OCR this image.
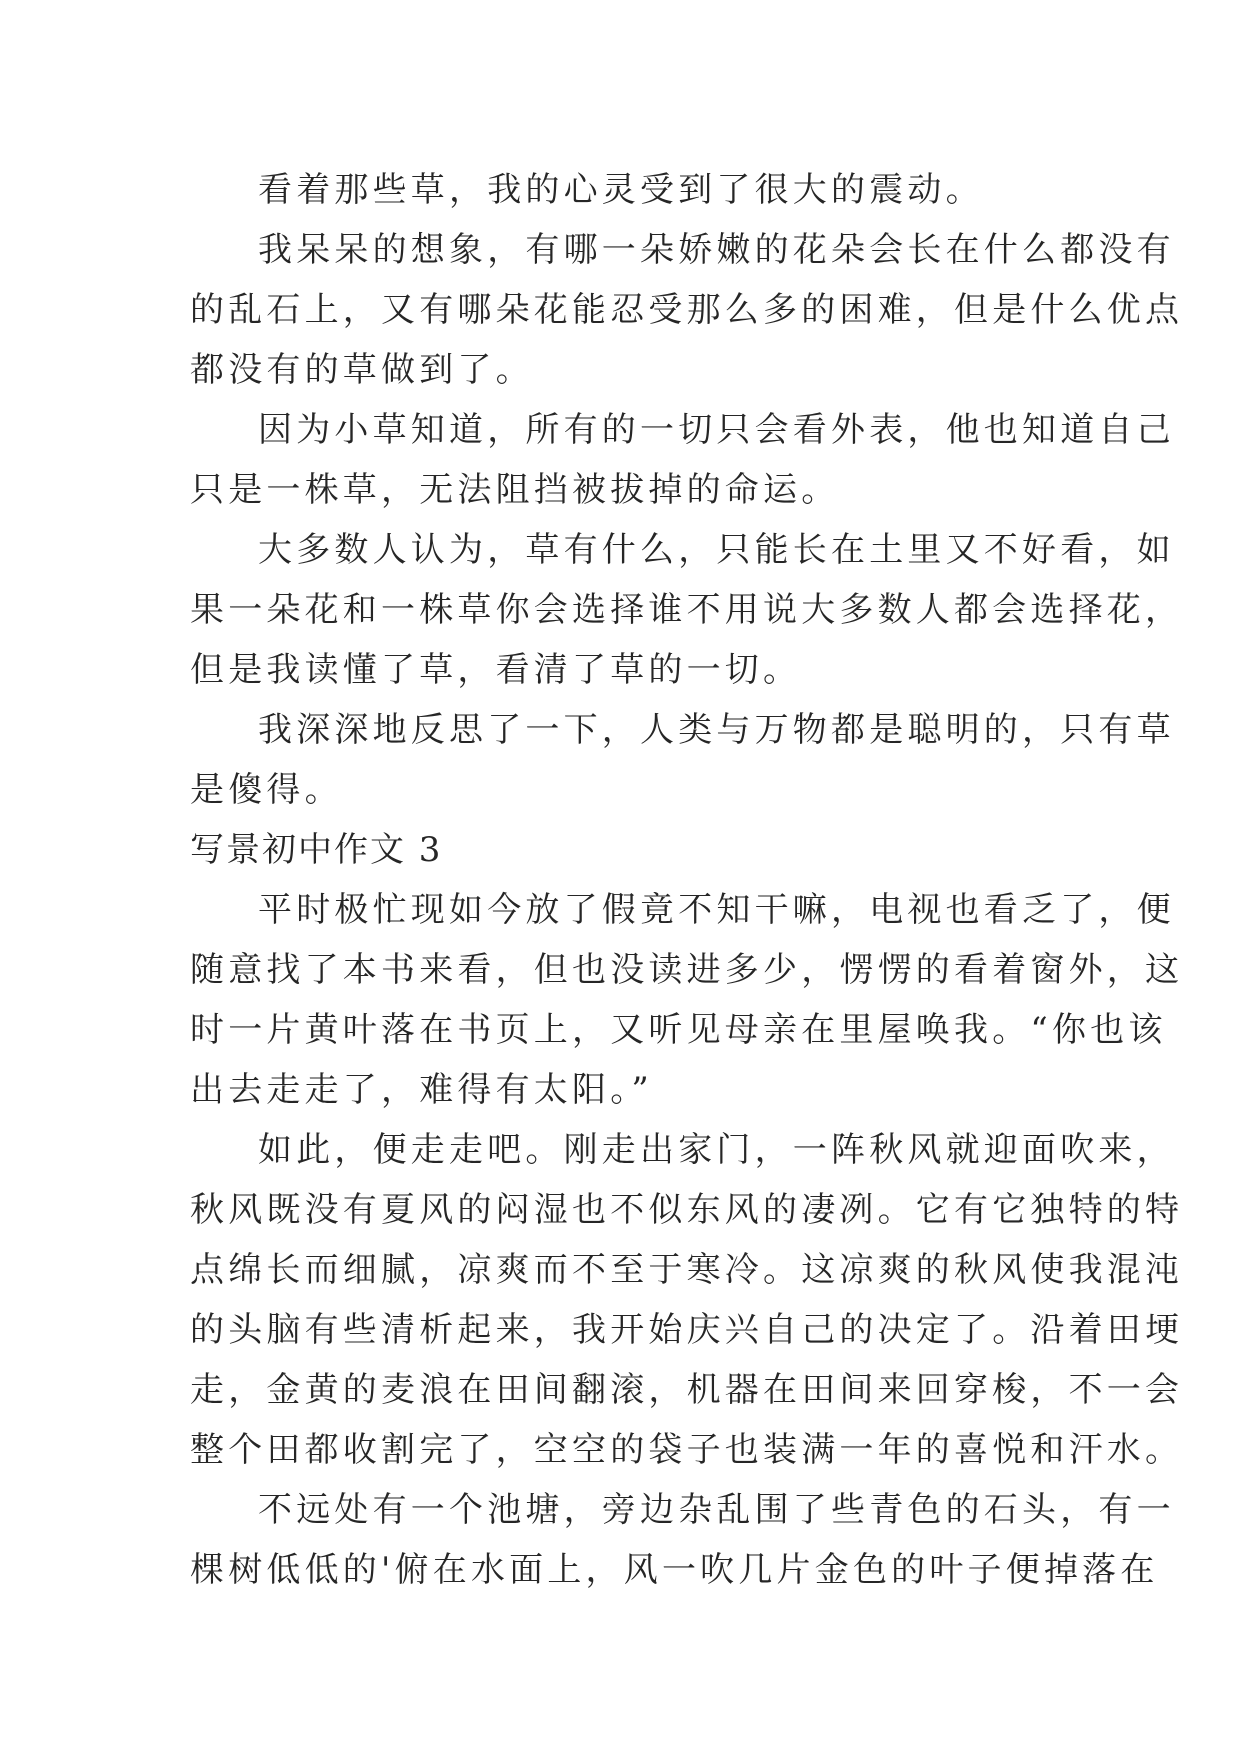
看着那些草，我的心灵受到了很大的震动。
我呆呆的想象，有哪一朵娇嫩的花朵会长在什么都没有
的乱石上，又有哪朵花能忍受那么多的困难，但是什么优点
都没有的草做到了。
因为小草知道，所有的一切只会看外表，他也知道自己
只是一株草，无法阻挡被拔掉的命运。
大多数人认为，草有什么，只能长在土里又不好看，如
果一朵花和一株草你会选择谁不用说大多数人都会选择花，
但是我读懂了草，看清了草的一切。
我深深地反思了一下，人类与万物都是聪明的，只有草
是傻得。
写景初中作文 3
平时极忙现如今放了假竟不知干嘛，电视也看乏了，便
随意找了本书来看，但也没读进多少，愣愣的看着窗外，这
时一片黄叶落在书页上，又听见母亲在里屋唤我。“你也该
出去走走了，难得有太阳。”
如此，便走走吧。刚走出家门，一阵秋风就迎面吹来，
秋风既没有夏风的闷湿也不似东风的凄冽。它有它独特的特
点绵长而细腻，凉爽而不至于寒冷。这凉爽的秋风使我混沌
的头脑有些清析起来，我开始庆兴自己的决定了。沿着田埂
走，金黄的麦浪在田间翻滚，机器在田间来回穿梭，不一会
整个田都收割完了，空空的袋子也装满一年的喜悦和汗水。
不远处有一个池塘，旁边杂乱围了些青色的石头，有一
棵树低低的'俯在水面上，风一吹几片金色的叶子便掉落在
